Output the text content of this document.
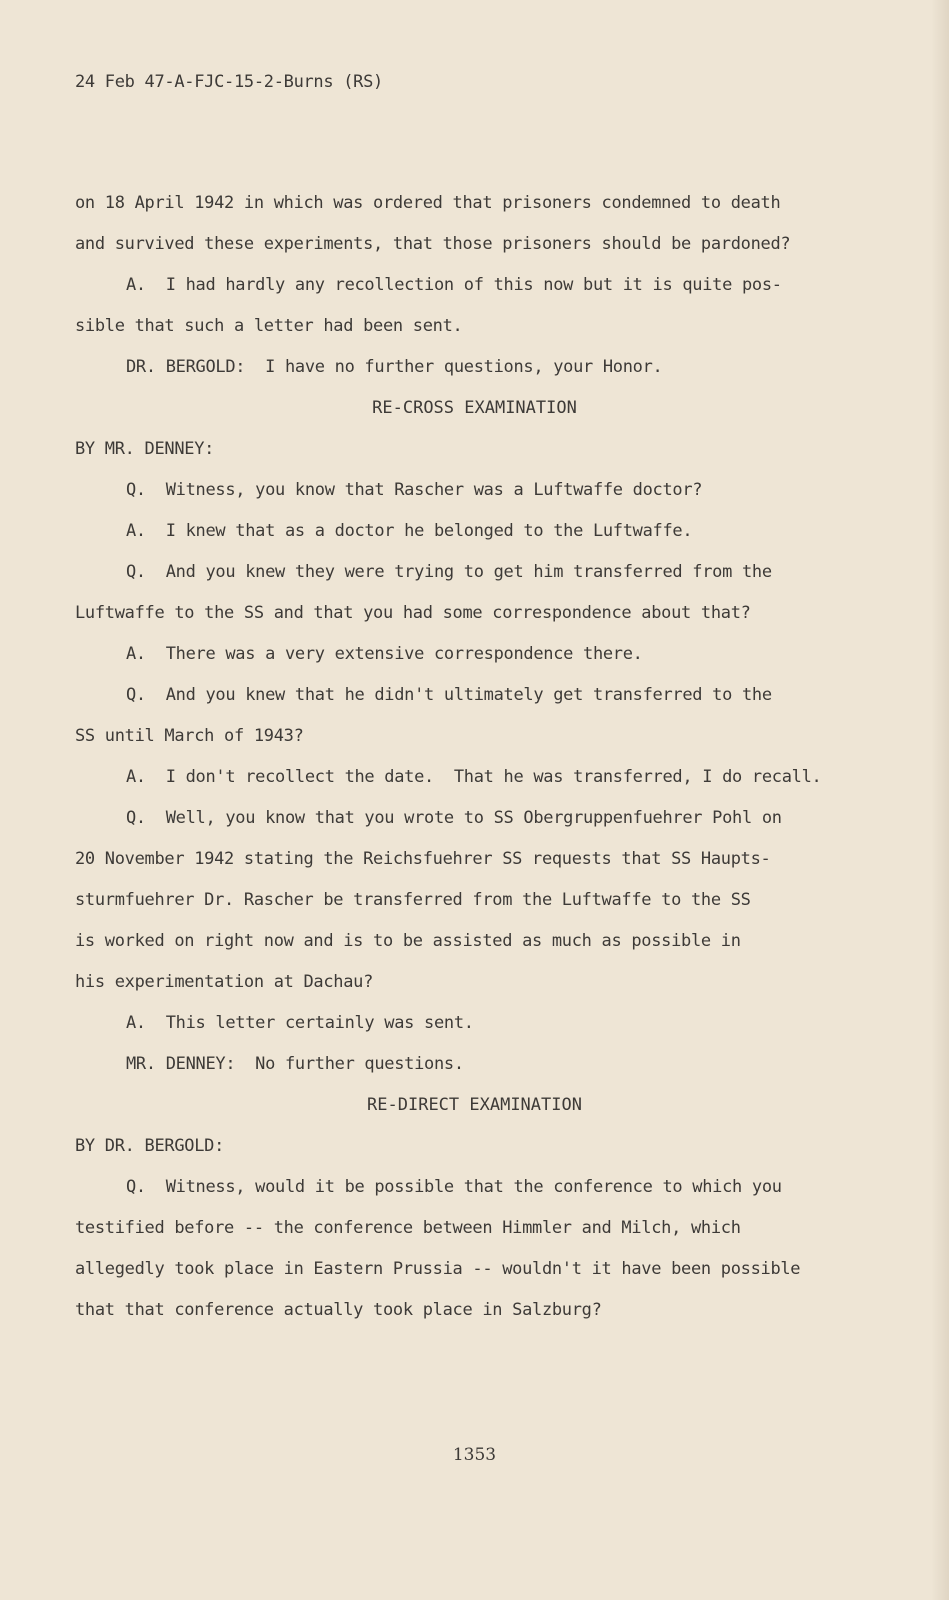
24 Feb 47-A-FJC-15-2-Burns (RS)
on 18 April 1942 in which was ordered that prisoners condemned to death
and survived these experiments, that those prisoners should be pardoned?
A.  I had hardly any recollection of this now but it is quite pos-
sible that such a letter had been sent.
DR. BERGOLD:  I have no further questions, your Honor.
RE-CROSS EXAMINATION
BY MR. DENNEY:
Q.  Witness, you know that Rascher was a Luftwaffe doctor?
A.  I knew that as a doctor he belonged to the Luftwaffe.
Q.  And you knew they were trying to get him transferred from the
Luftwaffe to the SS and that you had some correspondence about that?
A.  There was a very extensive correspondence there.
Q.  And you knew that he didn't ultimately get transferred to the
SS until March of 1943?
A.  I don't recollect the date.  That he was transferred, I do recall.
Q.  Well, you know that you wrote to SS Obergruppenfuehrer Pohl on
20 November 1942 stating the Reichsfuehrer SS requests that SS Haupts-
sturmfuehrer Dr. Rascher be transferred from the Luftwaffe to the SS
is worked on right now and is to be assisted as much as possible in
his experimentation at Dachau?
A.  This letter certainly was sent.
MR. DENNEY:  No further questions.
RE-DIRECT EXAMINATION
BY DR. BERGOLD:
Q.  Witness, would it be possible that the conference to which you
testified before -- the conference between Himmler and Milch, which
allegedly took place in Eastern Prussia -- wouldn't it have been possible
that that conference actually took place in Salzburg?
1353
